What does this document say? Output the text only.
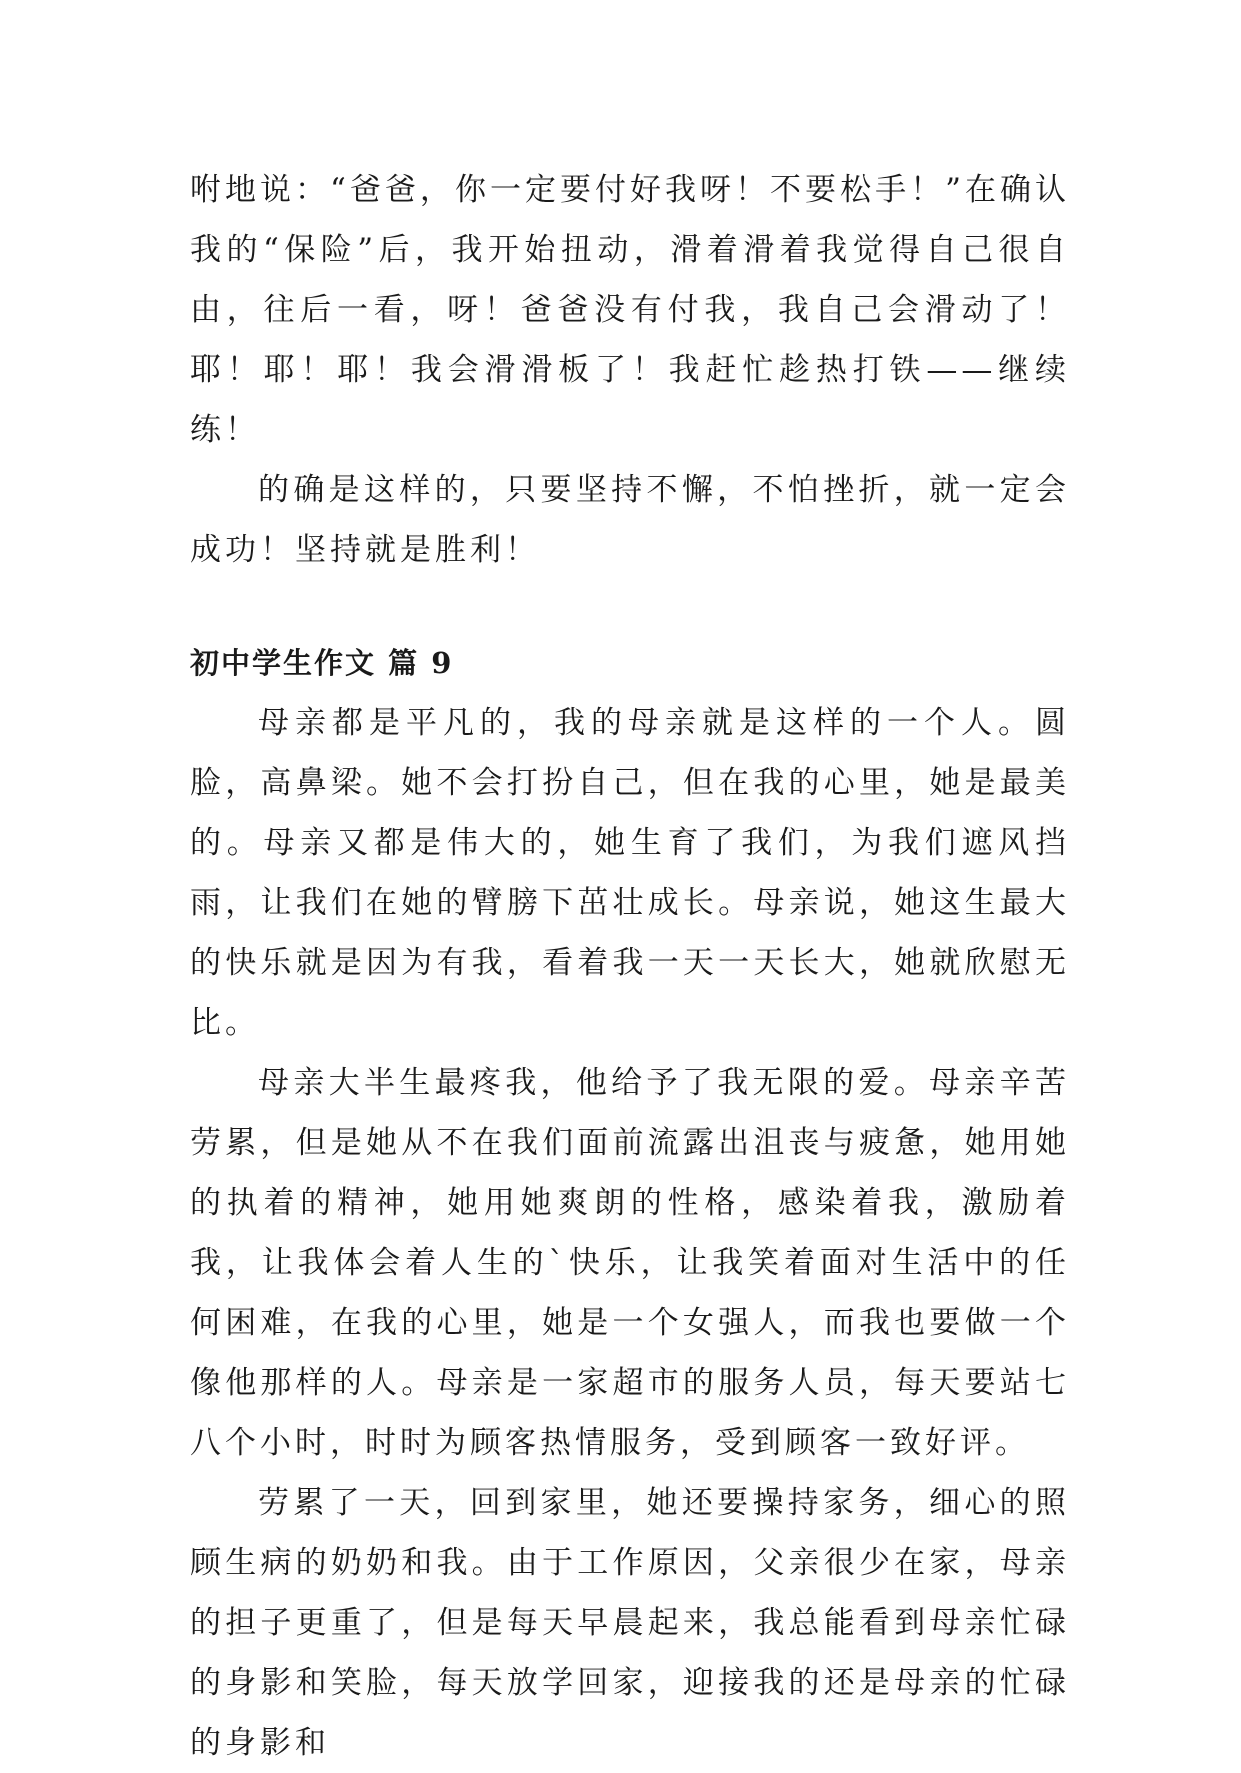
咐地说：“爸爸，你一定要付好我呀！不要松手！”在确认我的“保险”后，我开始扭动，滑着滑着我觉得自己很自由，往后一看，呀！爸爸没有付我，我自己会滑动了！耶！耶！耶！我会滑滑板了！我赶忙趁热打铁——继续练！

的确是这样的，只要坚持不懈，不怕挫折，就一定会成功！坚持就是胜利！

初中学生作文 篇 9

母亲都是平凡的，我的母亲就是这样的一个人。圆脸，高鼻梁。她不会打扮自己，但在我的心里，她是最美的。母亲又都是伟大的，她生育了我们，为我们遮风挡雨，让我们在她的臂膀下茁壮成长。母亲说，她这生最大的快乐就是因为有我，看着我一天一天长大，她就欣慰无比。

母亲大半生最疼我，他给予了我无限的爱。母亲辛苦劳累，但是她从不在我们面前流露出沮丧与疲惫，她用她的执着的精神，她用她爽朗的性格，感染着我，激励着我，让我体会着人生的`快乐，让我笑着面对生活中的任何困难，在我的心里，她是一个女强人，而我也要做一个像他那样的人。母亲是一家超市的服务人员，每天要站七八个小时，时时为顾客热情服务，受到顾客一致好评。

劳累了一天，回到家里，她还要操持家务，细心的照顾生病的奶奶和我。由于工作原因，父亲很少在家，母亲的担子更重了，但是每天早晨起来，我总能看到母亲忙碌的身影和笑脸，每天放学回家，迎接我的还是母亲的忙碌的身影和
